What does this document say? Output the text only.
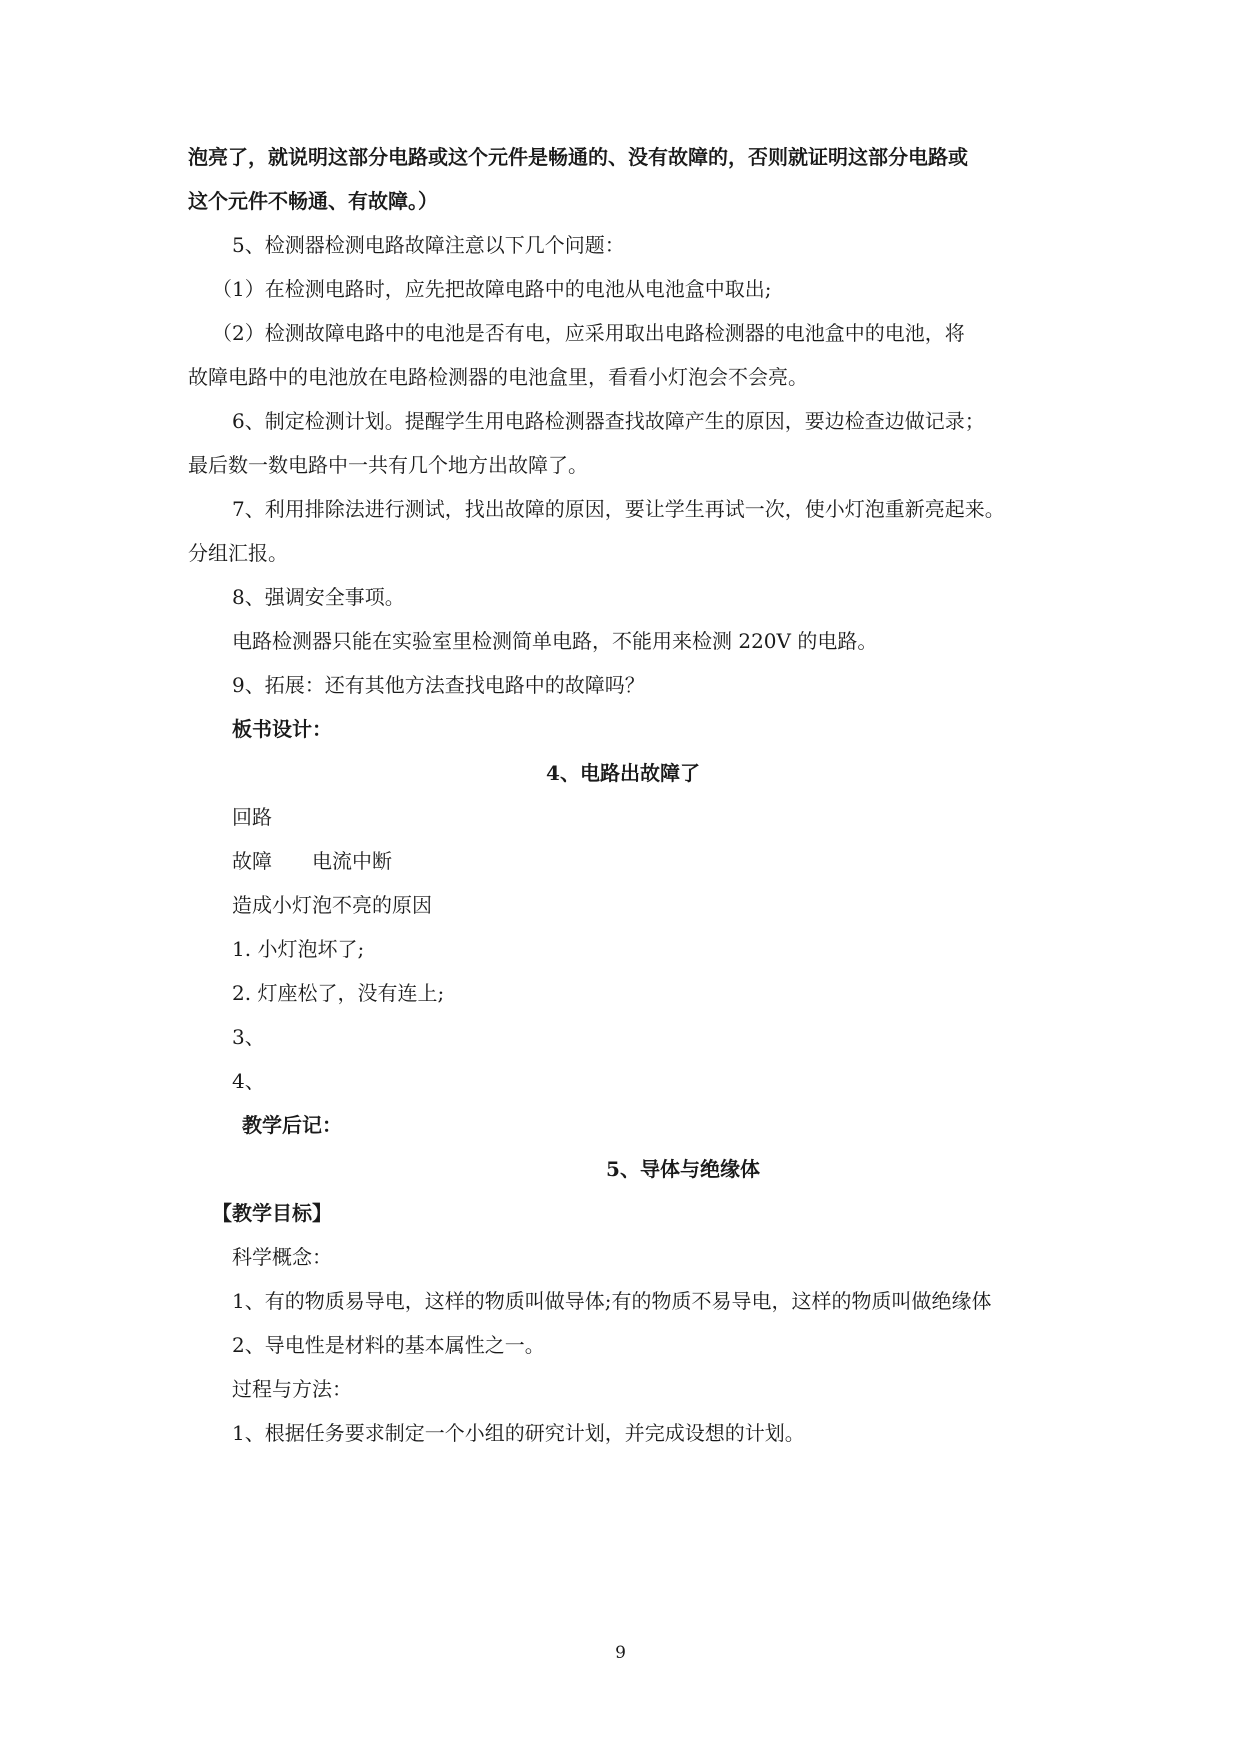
泡亮了，就说明这部分电路或这个元件是畅通的、没有故障的，否则就证明这部分电路或
这个元件不畅通、有故障。）
5、检测器检测电路故障注意以下几个问题：
（1）在检测电路时，应先把故障电路中的电池从电池盒中取出;
（2）检测故障电路中的电池是否有电，应采用取出电路检测器的电池盒中的电池，将
故障电路中的电池放在电路检测器的电池盒里，看看小灯泡会不会亮。
6、制定检测计划。提醒学生用电路检测器查找故障产生的原因，要边检查边做记录；
最后数一数电路中一共有几个地方出故障了。
7、利用排除法进行测试，找出故障的原因，要让学生再试一次，使小灯泡重新亮起来。
分组汇报。
8、强调安全事项。
电路检测器只能在实验室里检测简单电路，不能用来检测 220V 的电路。
9、拓展：还有其他方法查找电路中的故障吗？
板书设计：
4、电路出故障了
回路
故障　　电流中断
造成小灯泡不亮的原因
1. 小灯泡坏了;
2. 灯座松了，没有连上;
3、
4、
教学后记：
5、导体与绝缘体
【教学目标】
科学概念：
1、有的物质易导电，这样的物质叫做导体;有的物质不易导电，这样的物质叫做绝缘体
2、导电性是材料的基本属性之一。
过程与方法：
1、根据任务要求制定一个小组的研究计划，并完成设想的计划。
9
